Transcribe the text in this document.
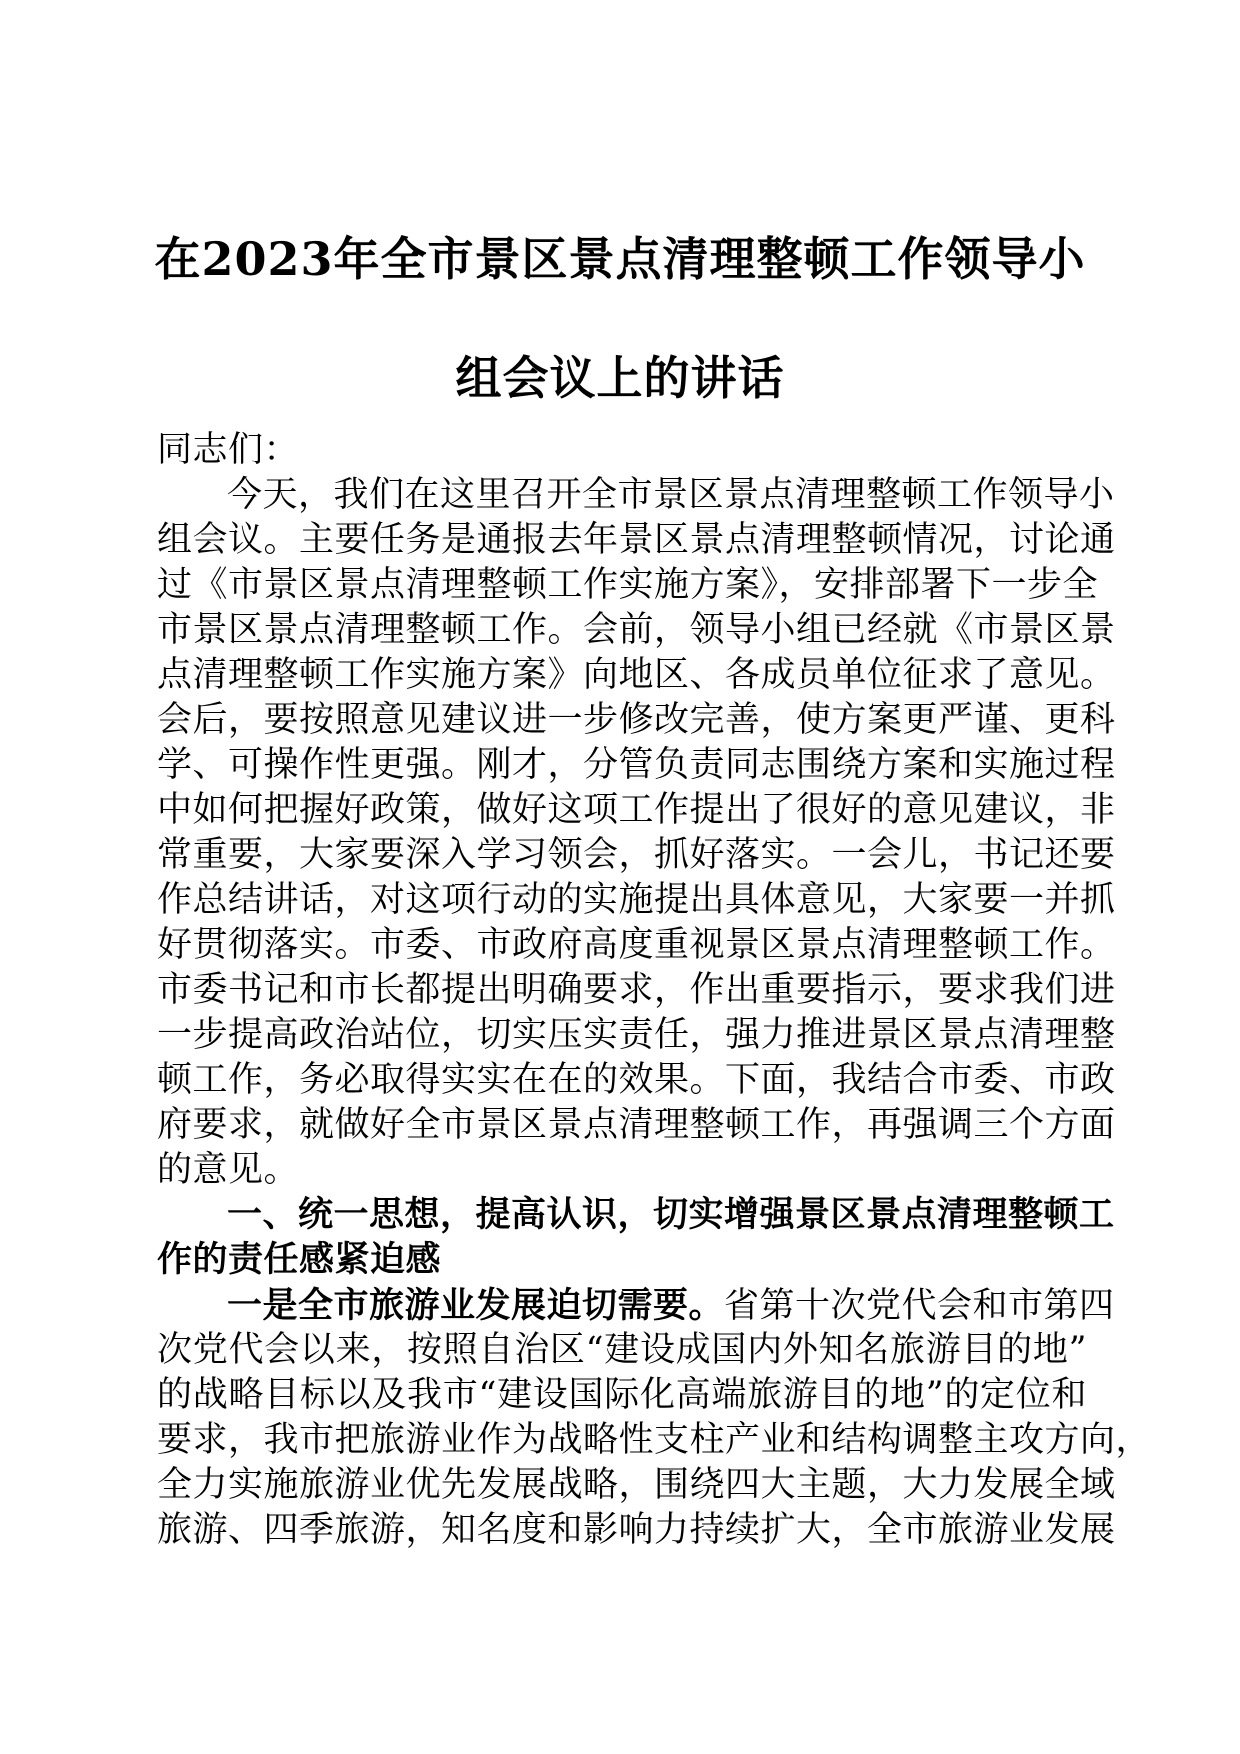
在2023年全市景区景点清理整顿工作领导小
组会议上的讲话
同志们：
今天，我们在这里召开全市景区景点清理整顿工作领导小
组会议。主要任务是通报去年景区景点清理整顿情况，讨论通
过《市景区景点清理整顿工作实施方案》，安排部署下一步全
市景区景点清理整顿工作。会前，领导小组已经就《市景区景
点清理整顿工作实施方案》向地区、各成员单位征求了意见。
会后，要按照意见建议进一步修改完善，使方案更严谨、更科
学、可操作性更强。刚才，分管负责同志围绕方案和实施过程
中如何把握好政策，做好这项工作提出了很好的意见建议，非
常重要，大家要深入学习领会，抓好落实。一会儿，书记还要
作总结讲话，对这项行动的实施提出具体意见，大家要一并抓
好贯彻落实。市委、市政府高度重视景区景点清理整顿工作。
市委书记和市长都提出明确要求，作出重要指示，要求我们进
一步提高政治站位，切实压实责任，强力推进景区景点清理整
顿工作，务必取得实实在在的效果。下面，我结合市委、市政
府要求，就做好全市景区景点清理整顿工作，再强调三个方面
的意见。
一、统一思想，提高认识，切实增强景区景点清理整顿工
作的责任感紧迫感
一是全市旅游业发展迫切需要。省第十次党代会和市第四
次党代会以来，按照自治区“建设成国内外知名旅游目的地”
的战略目标以及我市“建设国际化高端旅游目的地”的定位和
要求，我市把旅游业作为战略性支柱产业和结构调整主攻方向，
全力实施旅游业优先发展战略，围绕四大主题，大力发展全域
旅游、四季旅游，知名度和影响力持续扩大，全市旅游业发展
